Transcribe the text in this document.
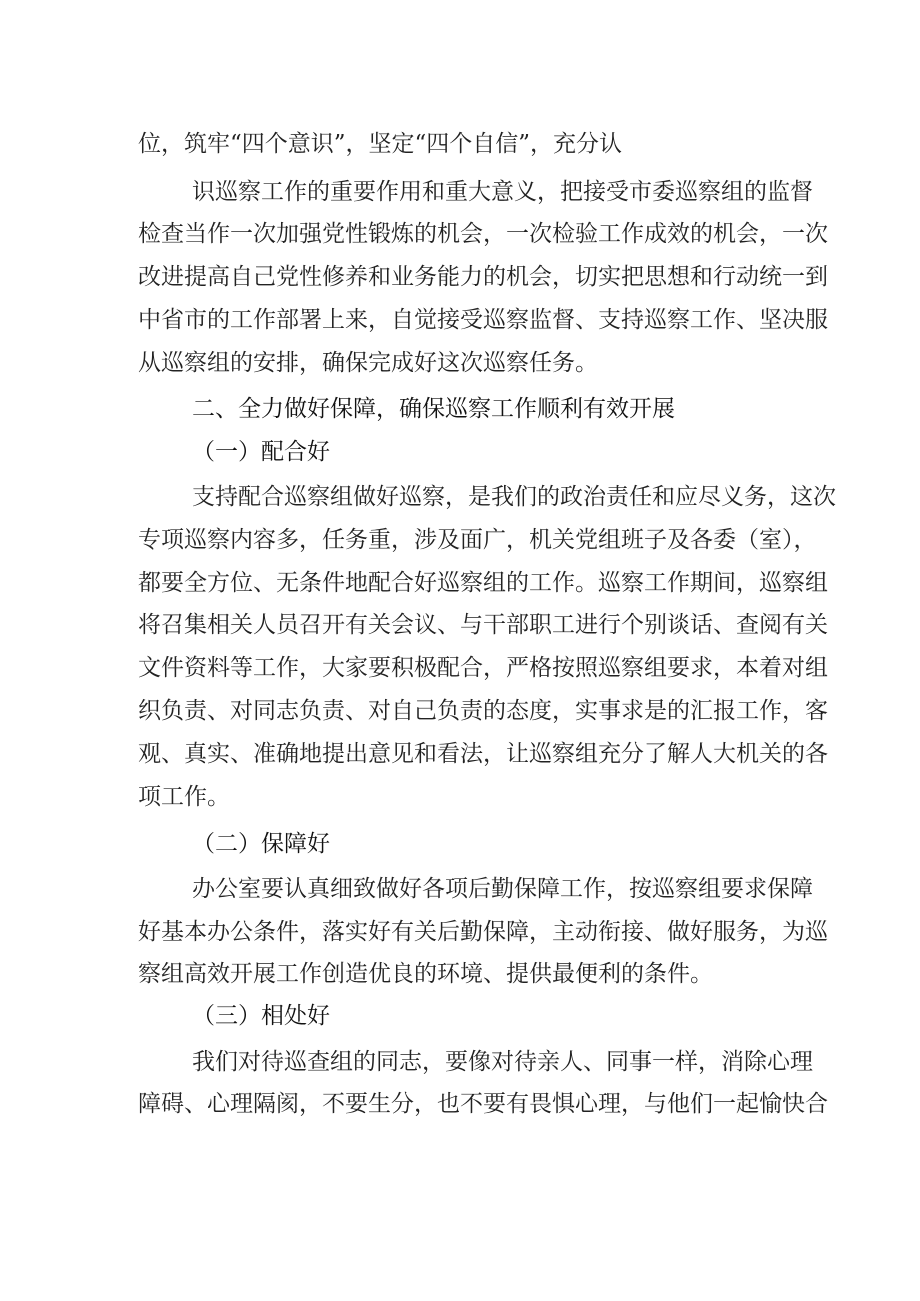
位，筑牢“四个意识”，坚定“四个自信”，充分认
识巡察工作的重要作用和重大意义，把接受市委巡察组的监督
检查当作一次加强党性锻炼的机会，一次检验工作成效的机会，一次
改进提高自己党性修养和业务能力的机会，切实把思想和行动统一到
中省市的工作部署上来，自觉接受巡察监督、支持巡察工作、坚决服
从巡察组的安排，确保完成好这次巡察任务。
二、全力做好保障，确保巡察工作顺利有效开展
（一）配合好
支持配合巡察组做好巡察，是我们的政治责任和应尽义务，这次
专项巡察内容多，任务重，涉及面广，机关党组班子及各委（室），
都要全方位、无条件地配合好巡察组的工作。巡察工作期间，巡察组
将召集相关人员召开有关会议、与干部职工进行个别谈话、查阅有关
文件资料等工作，大家要积极配合，严格按照巡察组要求，本着对组
织负责、对同志负责、对自己负责的态度，实事求是的汇报工作，客
观、真实、准确地提出意见和看法，让巡察组充分了解人大机关的各
项工作。
（二）保障好
办公室要认真细致做好各项后勤保障工作，按巡察组要求保障
好基本办公条件，落实好有关后勤保障，主动衔接、做好服务，为巡
察组高效开展工作创造优良的环境、提供最便利的条件。
（三）相处好
我们对待巡查组的同志，要像对待亲人、同事一样，消除心理
障碍、心理隔阂，不要生分，也不要有畏惧心理，与他们一起愉快合
